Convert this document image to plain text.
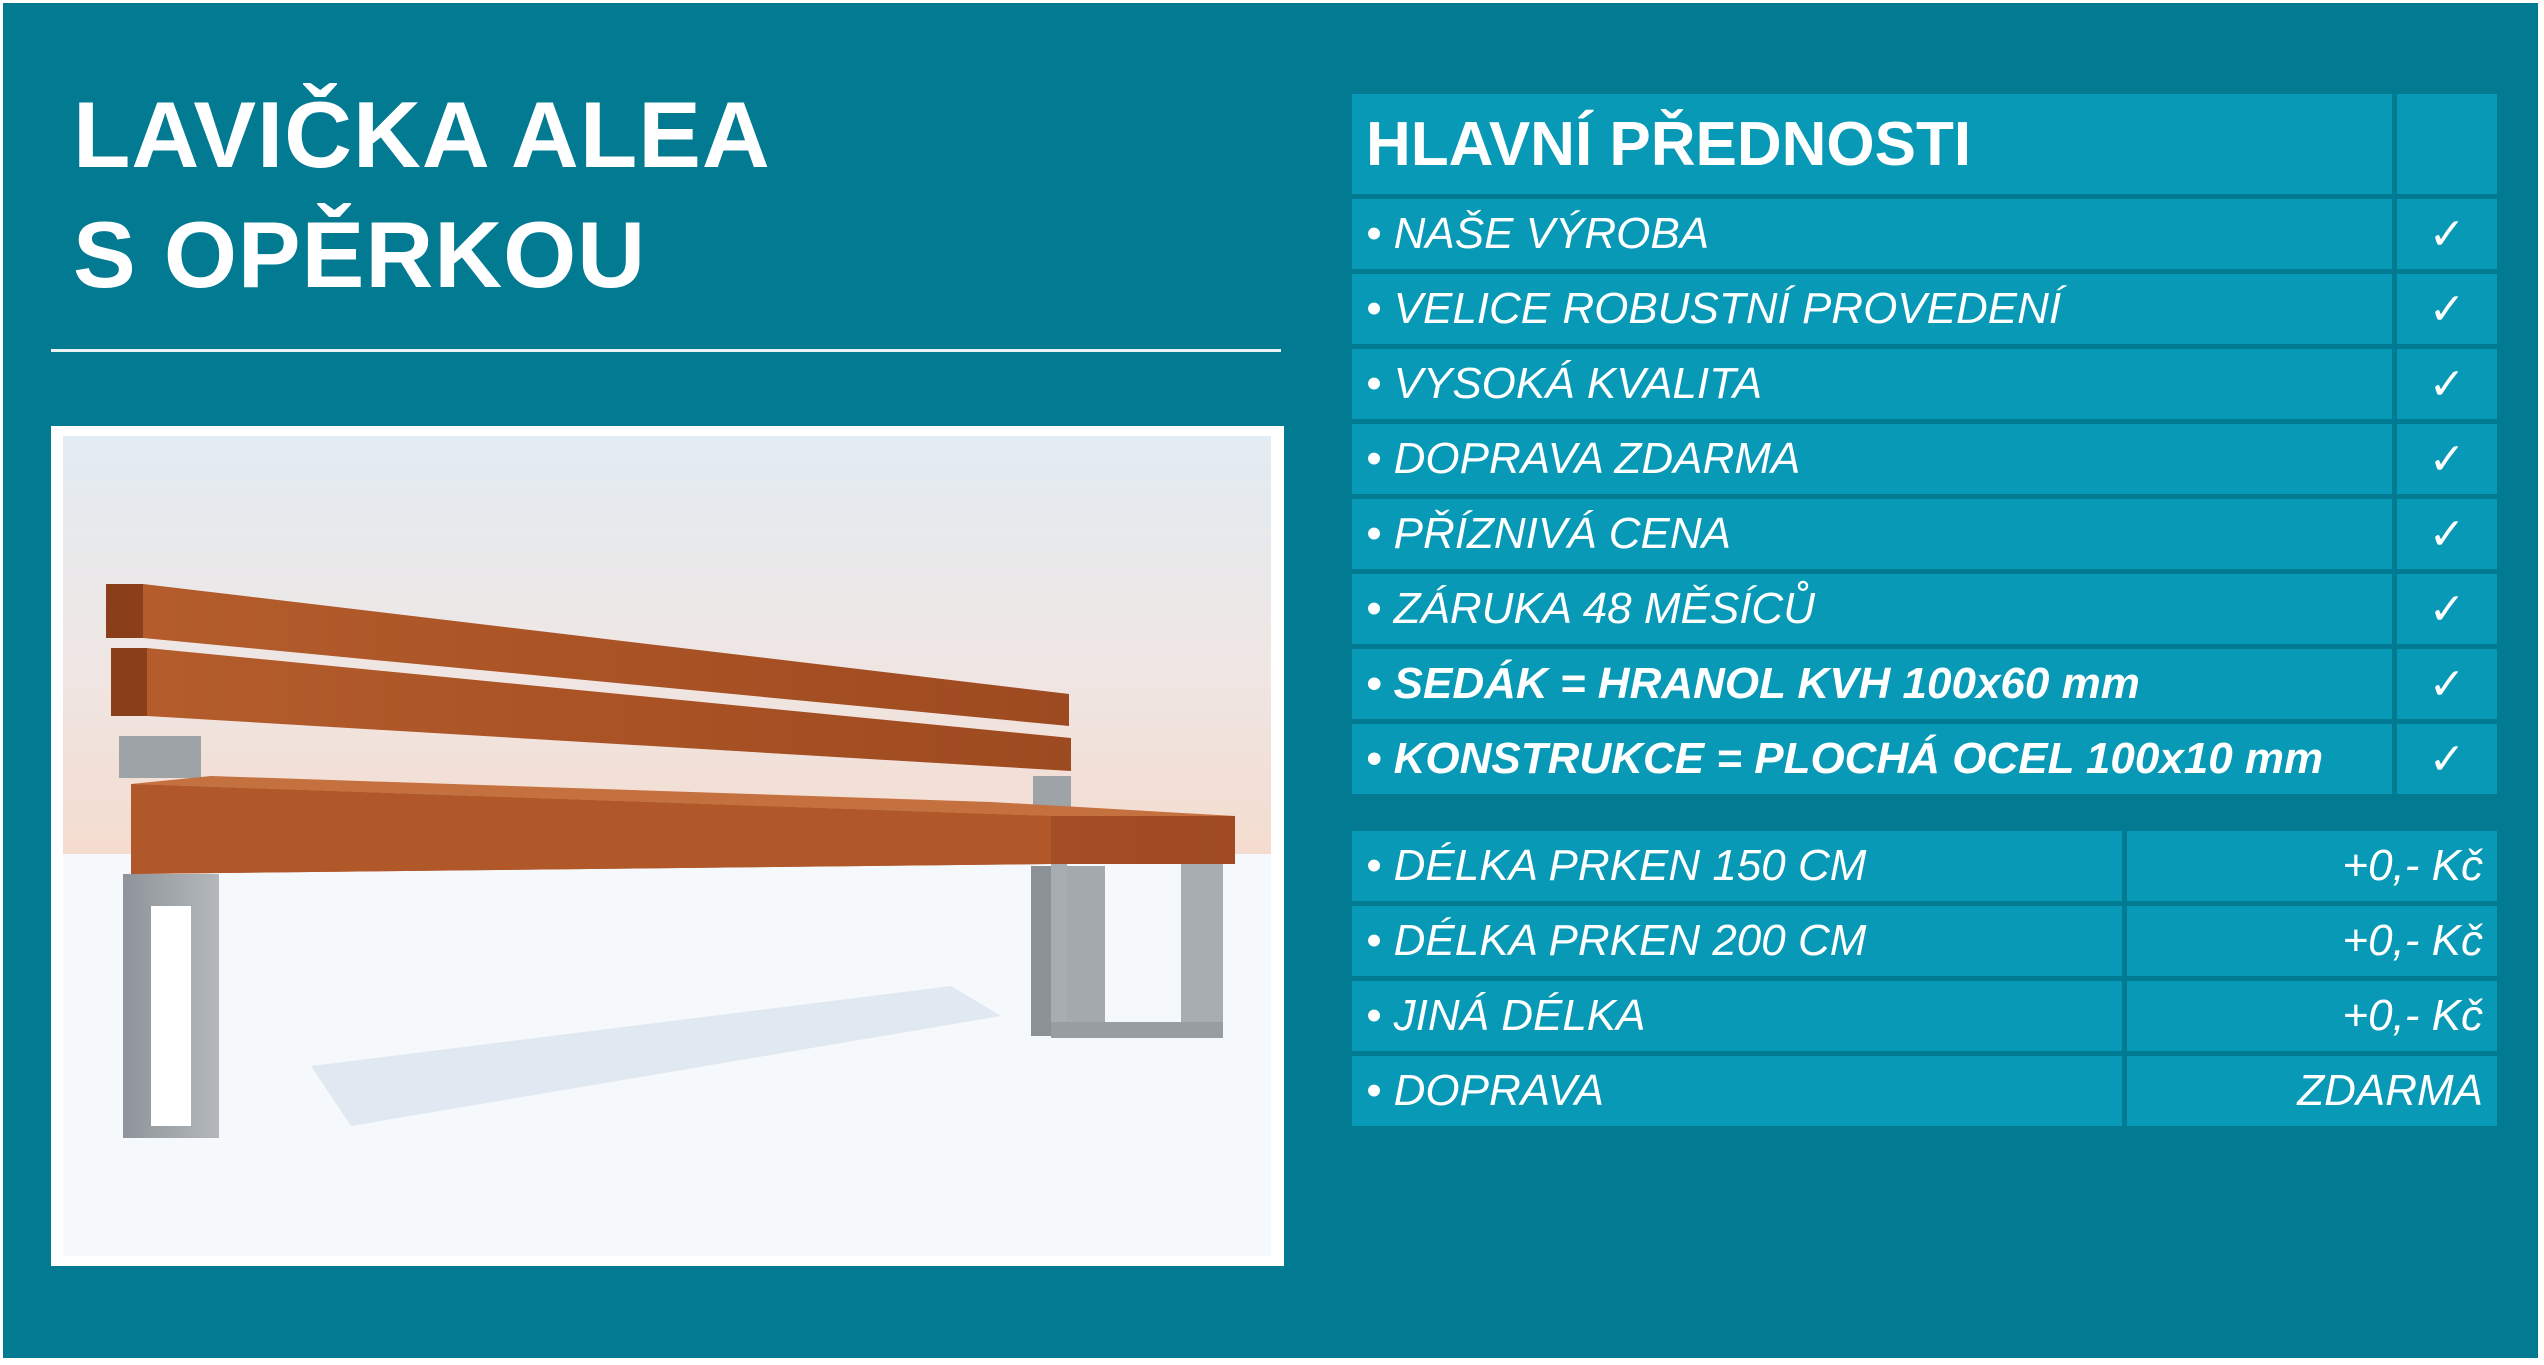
LAVIČKA ALEA
S OPĚRKOU
HLAVNÍ PŘEDNOSTI	
• NAŠE VÝROBA	✓
• VELICE ROBUSTNÍ PROVEDENÍ	✓
• VYSOKÁ KVALITA	✓
• DOPRAVA ZDARMA	✓
• PŘÍZNIVÁ CENA	✓
• ZÁRUKA 48 MĚSÍCŮ	✓
• SEDÁK = HRANOL KVH 100x60 mm	✓
• KONSTRUKCE = PLOCHÁ OCEL 100x10 mm	✓
• DÉLKA PRKEN 150 CM	+0,- Kč
• DÉLKA PRKEN 200 CM	+0,- Kč
• JINÁ DÉLKA	+0,- Kč
• DOPRAVA	ZDARMA
